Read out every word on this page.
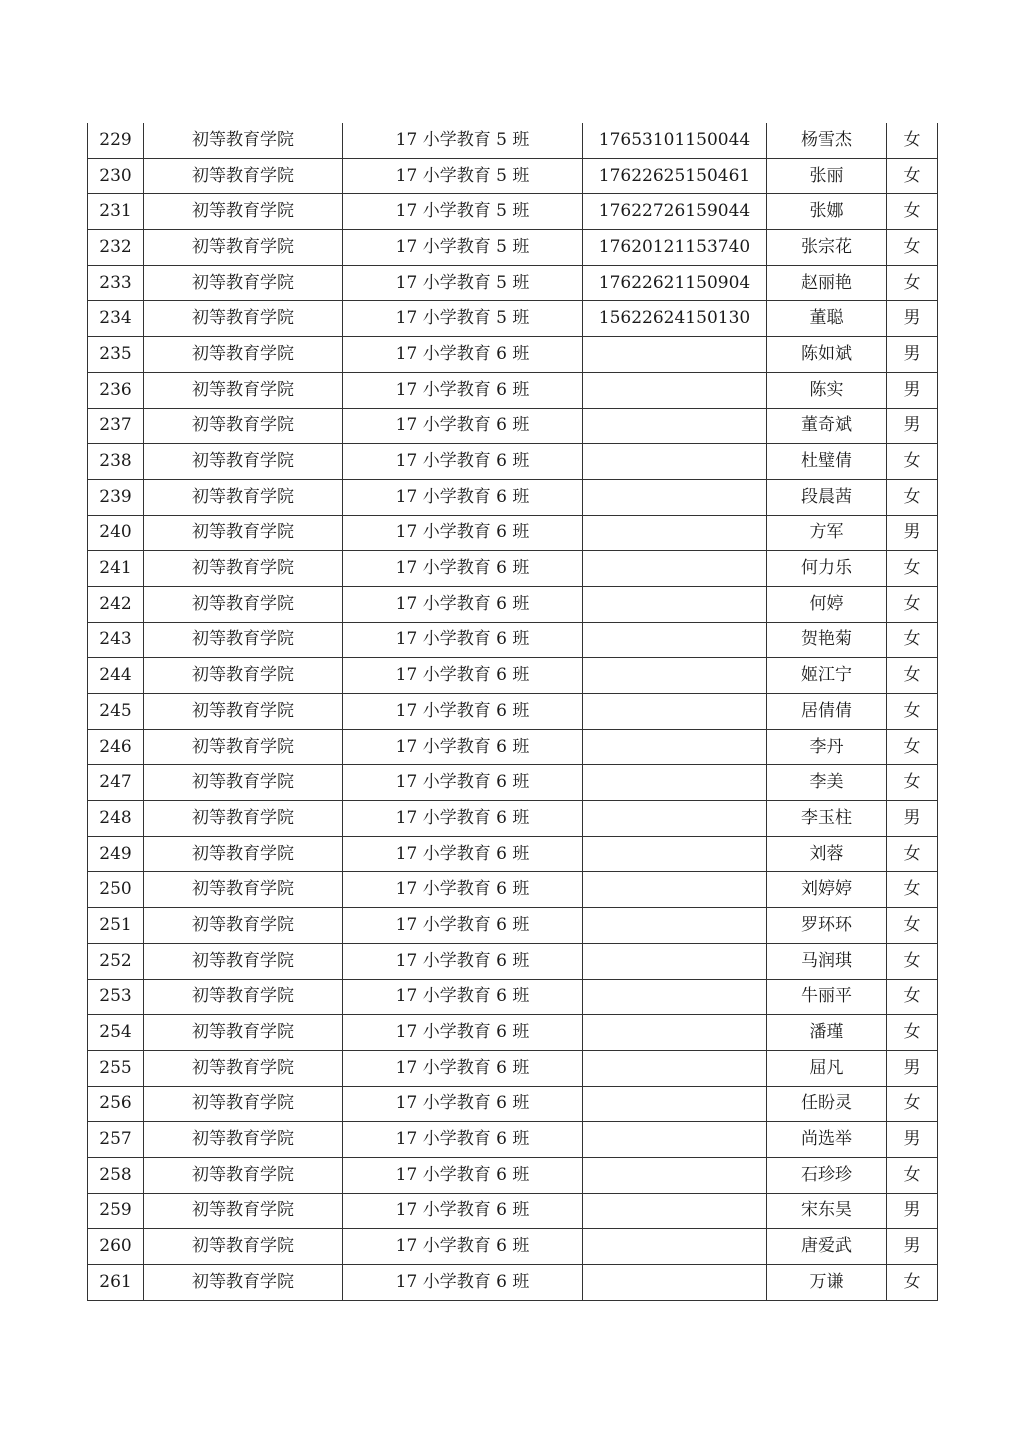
229	初等教育学院	17 小学教育 5 班	17653101150044	杨雪杰	女
230	初等教育学院	17 小学教育 5 班	17622625150461	张丽	女
231	初等教育学院	17 小学教育 5 班	17622726159044	张娜	女
232	初等教育学院	17 小学教育 5 班	17620121153740	张宗花	女
233	初等教育学院	17 小学教育 5 班	17622621150904	赵丽艳	女
234	初等教育学院	17 小学教育 5 班	15622624150130	董聪	男
235	初等教育学院	17 小学教育 6 班		陈如斌	男
236	初等教育学院	17 小学教育 6 班		陈实	男
237	初等教育学院	17 小学教育 6 班		董奇斌	男
238	初等教育学院	17 小学教育 6 班		杜璧倩	女
239	初等教育学院	17 小学教育 6 班		段晨茜	女
240	初等教育学院	17 小学教育 6 班		方军	男
241	初等教育学院	17 小学教育 6 班		何力乐	女
242	初等教育学院	17 小学教育 6 班		何婷	女
243	初等教育学院	17 小学教育 6 班		贺艳菊	女
244	初等教育学院	17 小学教育 6 班		姬江宁	女
245	初等教育学院	17 小学教育 6 班		居倩倩	女
246	初等教育学院	17 小学教育 6 班		李丹	女
247	初等教育学院	17 小学教育 6 班		李美	女
248	初等教育学院	17 小学教育 6 班		李玉柱	男
249	初等教育学院	17 小学教育 6 班		刘蓉	女
250	初等教育学院	17 小学教育 6 班		刘婷婷	女
251	初等教育学院	17 小学教育 6 班		罗环环	女
252	初等教育学院	17 小学教育 6 班		马润琪	女
253	初等教育学院	17 小学教育 6 班		牛丽平	女
254	初等教育学院	17 小学教育 6 班		潘瑾	女
255	初等教育学院	17 小学教育 6 班		屈凡	男
256	初等教育学院	17 小学教育 6 班		任盼灵	女
257	初等教育学院	17 小学教育 6 班		尚选举	男
258	初等教育学院	17 小学教育 6 班		石珍珍	女
259	初等教育学院	17 小学教育 6 班		宋东昊	男
260	初等教育学院	17 小学教育 6 班		唐爱武	男
261	初等教育学院	17 小学教育 6 班		万谦	女
